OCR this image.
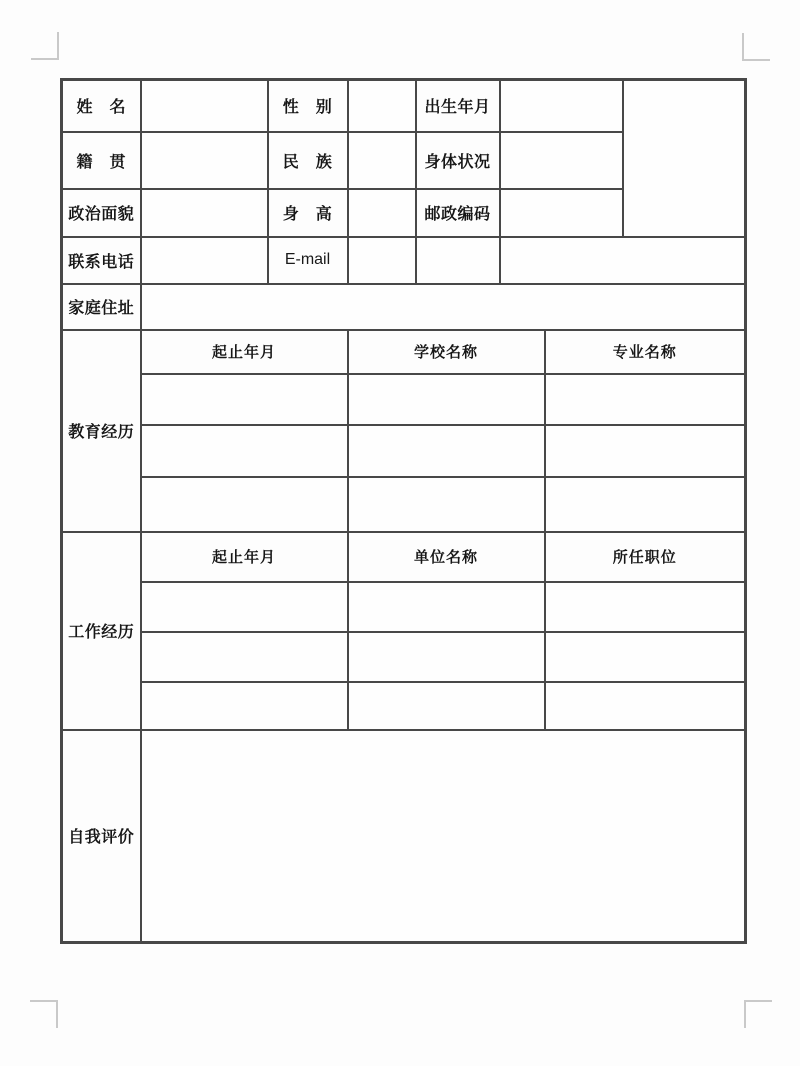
姓　名		性　别		出生年月			
籍　贯		民　族		身体状况			
政治面貌		身　高		邮政编码			
联系电话		E-mail					
家庭住址							
教育经历	起止年月		学校名称			专业名称	

工作经历	起止年月		单位名称			所任职位	

自我评价							
